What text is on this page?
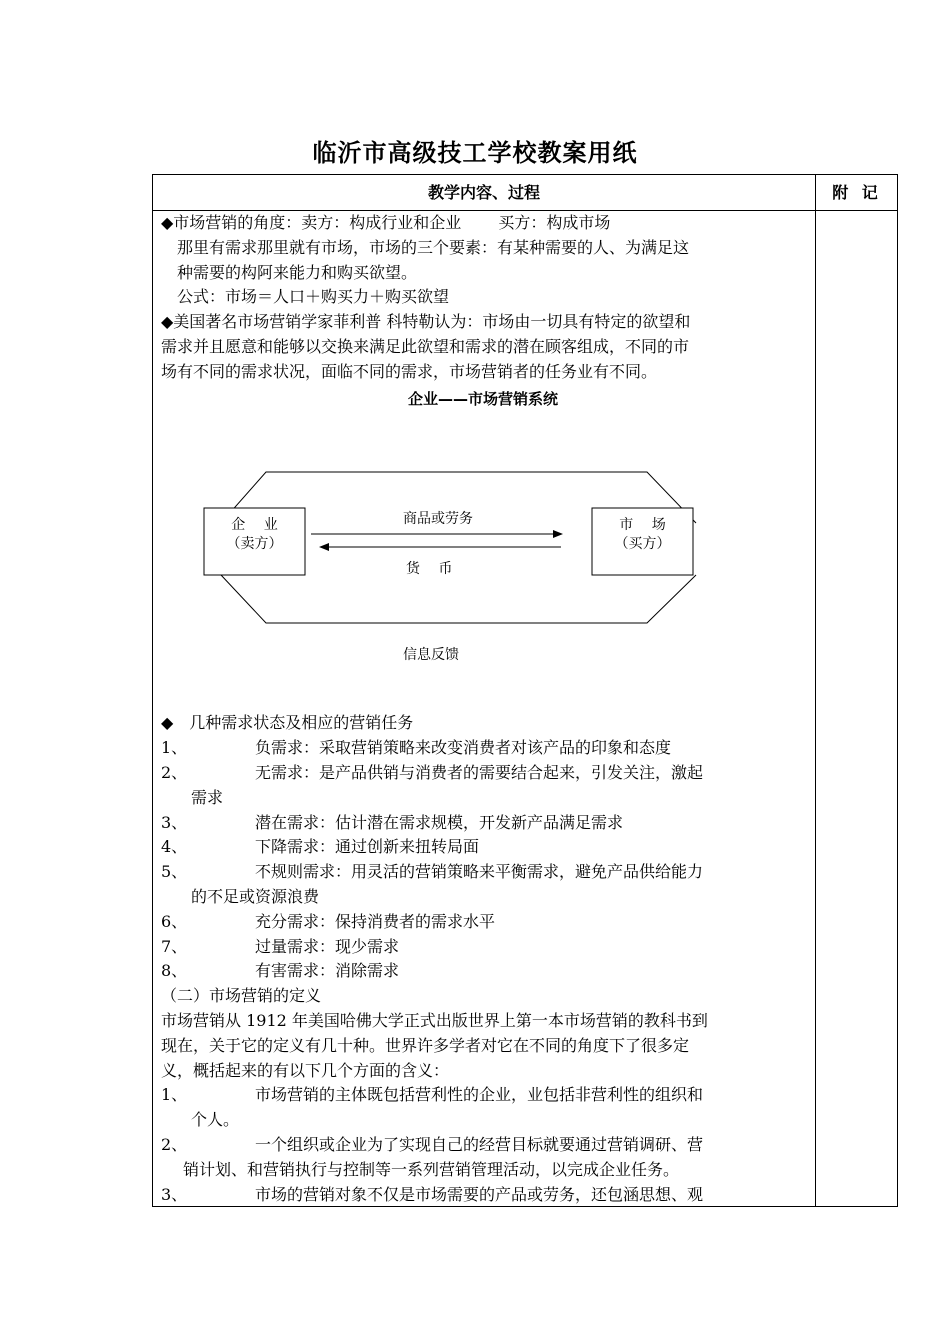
临沂市高级技工学校教案用纸
教学内容、过程	附 记

◆市场营销的角度：卖方：构成行业和企业　　 买方：构成市场

那里有需求那里就有市场，市场的三个要素：有某种需要的人、为满足这

种需要的构阿来能力和购买欲望。

公式：市场＝人口＋购买力＋购买欲望

◆美国著名市场营销学家菲利普 科特勒认为：市场由一切具有特定的欲望和

需求并且愿意和能够以交换来满足此欲望和需求的潜在顾客组成，不同的市

场有不同的需求状况，面临不同的需求，市场营销者的任务业有不同。

企业——市场营销系统
企　 业
（卖方）
市　 场
（买方）
商品或劳务
货　 币
信息反馈

◆　几种需求状态及相应的营销任务

1、	负需求：采取营销策略来改变消费者对该产品的印象和态度
2、	无需求：是产品供销与消费者的需要结合起来，引发关注，激起
需求
3、	潜在需求：估计潜在需求规模，开发新产品满足需求
4、	下降需求：通过创新来扭转局面
5、	不规则需求：用灵活的营销策略来平衡需求，避免产品供给能力
的不足或资源浪费
6、	充分需求：保持消费者的需求水平
7、	过量需求：现少需求
8、	有害需求：消除需求

（二）市场营销的定义

市场营销从 1912 年美国哈佛大学正式出版世界上第一本市场营销的教科书到

现在，关于它的定义有几十种。世界许多学者对它在不同的角度下了很多定

义，概括起来的有以下几个方面的含义：

1、	市场营销的主体既包括营利性的企业，业包括非营利性的组织和
个人。
2、	一个组织或企业为了实现自己的经营目标就要通过营销调研、营
销计划、和营销执行与控制等一系列营销管理活动，以完成企业任务。
3、	市场的营销对象不仅是市场需要的产品或劳务，还包涵思想、观
